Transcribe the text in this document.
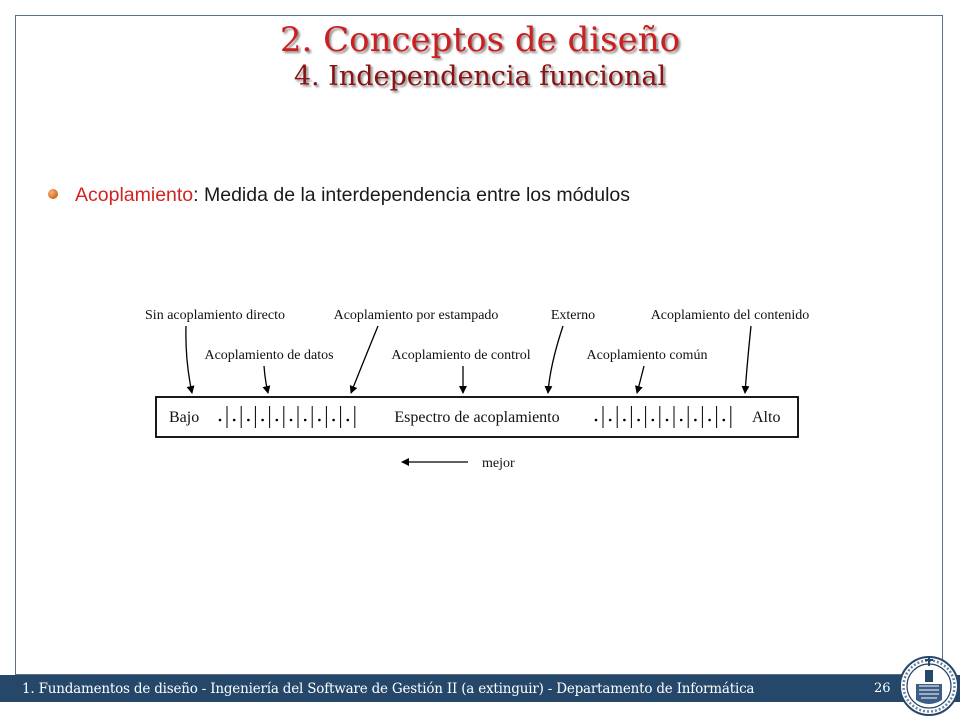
2. Conceptos de diseño
4. Independencia funcional
Acoplamiento: Medida de la interdependencia entre los módulos
Sin acoplamiento directo	Acoplamiento por estampado	Externo	Acoplamiento del contenido
Acoplamiento de datos	Acoplamiento de control	Acoplamiento común
Bajo	Espectro de acoplamiento	Alto
mejor
1. Fundamentos de diseño - Ingeniería del Software de Gestión II (a extinguir) - Departamento de Informática	26
